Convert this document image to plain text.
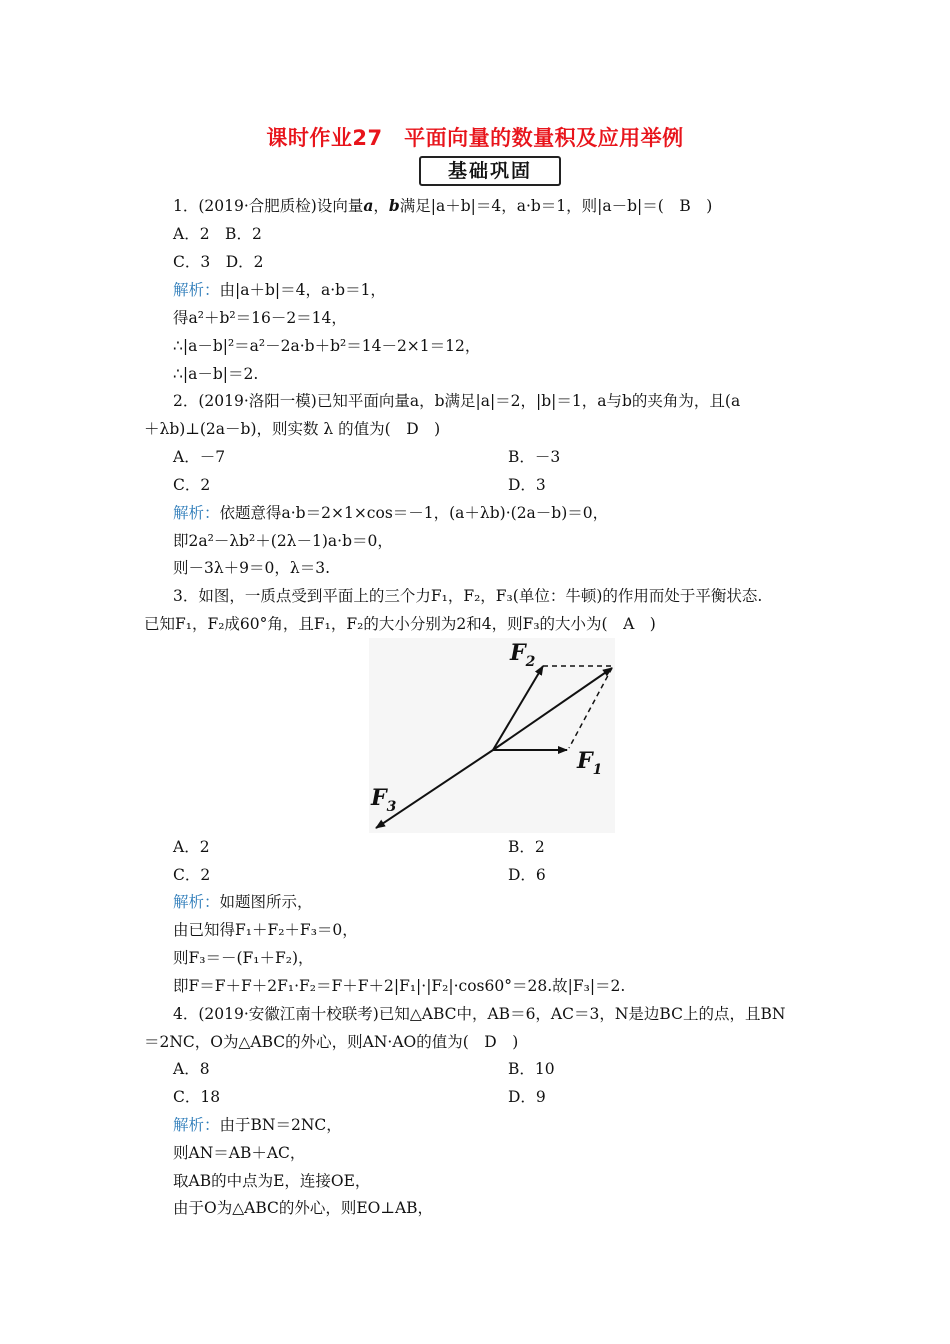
课时作业27　平面向量的数量积及应用举例
基础巩固
1．(2019·合肥质检)设向量a，b满足|a＋b|＝4，a·b＝1，则|a－b|＝(　B　)
A．2　B．2
C．3　D．2
解析：由|a＋b|＝4，a·b＝1，
得a²＋b²＝16－2＝14，
∴|a－b|²＝a²－2a·b＋b²＝14－2×1＝12，
∴|a－b|＝2.
2．(2019·洛阳一模)已知平面向量a，b满足|a|＝2，|b|＝1，a与b的夹角为，且(a
＋λb)⊥(2a－b)，则实数 λ 的值为(　D　)
A．－7	B．－3
C．2	D．3
解析：依题意得a·b＝2×1×cos＝－1，(a＋λb)·(2a－b)＝0，
即2a²－λb²＋(2λ－1)a·b＝0，
则－3λ＋9＝0，λ＝3.
3．如图，一质点受到平面上的三个力F₁，F₂，F₃(单位：牛顿)的作用而处于平衡状态.
已知F₁，F₂成60°角，且F₁，F₂的大小分别为2和4，则F₃的大小为(　A　)
$F_2$
$F_1$
$F_3$
A．2	B．2
C．2	D．6
解析：如题图所示，
由已知得F₁＋F₂＋F₃＝0，
则F₃＝－(F₁＋F₂)，
即F＝F＋F＋2F₁·F₂＝F＋F＋2|F₁|·|F₂|·cos60°＝28.故|F₃|＝2.
4．(2019·安徽江南十校联考)已知△ABC中，AB＝6，AC＝3，N是边BC上的点，且BN
＝2NC，O为△ABC的外心，则AN·AO的值为(　D　)
A．8	B．10
C．18	D．9
解析：由于BN＝2NC，
则AN＝AB＋AC，
取AB的中点为E，连接OE，
由于O为△ABC的外心，则EO⊥AB，
